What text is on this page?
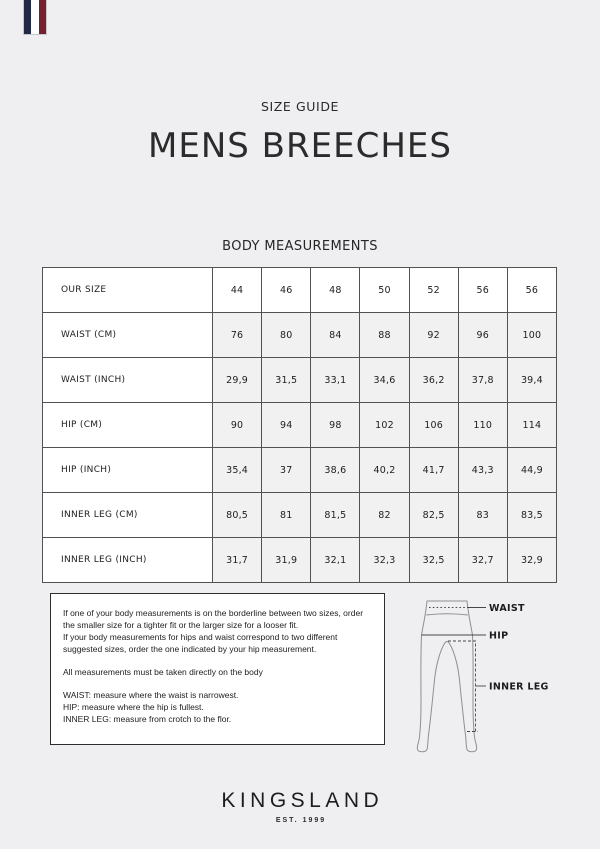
SIZE GUIDE
MENS BREECHES
BODY MEASUREMENTS
OUR SIZE	44	46	48	50	52	56	56
WAIST (CM)	76	80	84	88	92	96	100
WAIST (INCH)	29,9	31,5	33,1	34,6	36,2	37,8	39,4
HIP (CM)	90	94	98	102	106	110	114
HIP (INCH)	35,4	37	38,6	40,2	41,7	43,3	44,9
INNER LEG (CM)	80,5	81	81,5	82	82,5	83	83,5
INNER LEG (INCH)	31,7	31,9	32,1	32,3	32,5	32,7	32,9
If one of your body measurements is on the borderline between two sizes, order the smaller size for a tighter fit or the larger size for a looser fit.
If your body measurements for hips and waist correspond to two different suggested sizes, order the one indicated by your hip measurement.
All measurements must be taken directly on the body
WAIST: measure where the waist is narrowest.
HIP: measure where the hip is fullest.
INNER LEG: measure from crotch to the flor.
WAIST
HIP
INNER LEG
KINGSLAND
EST. 1999
